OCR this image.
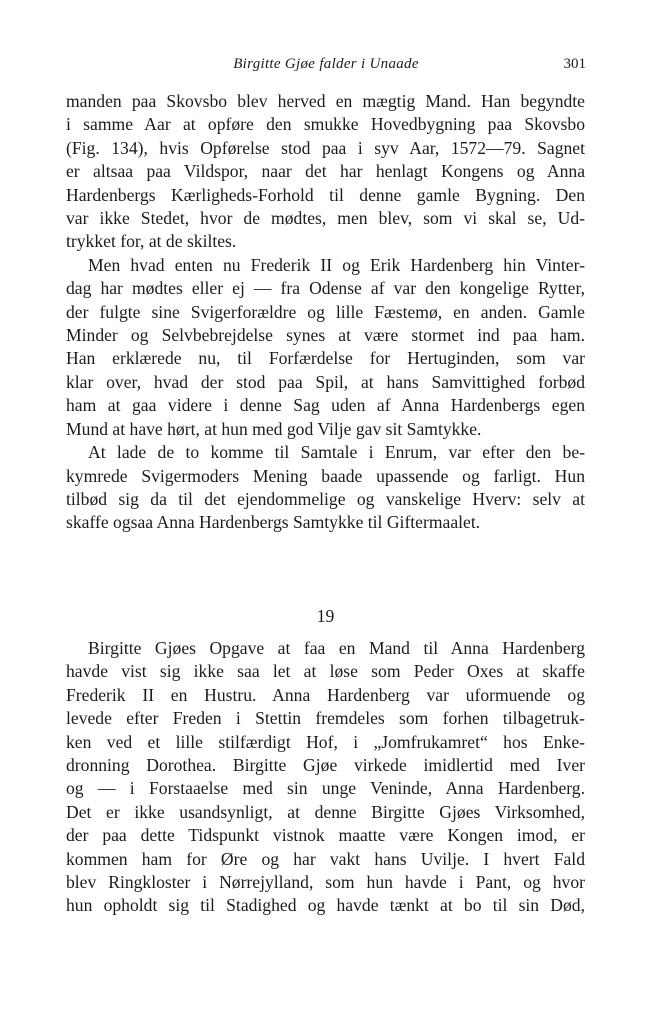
Birgitte Gjøe falder i Unaade	301
manden paa Skovsbo blev herved en mægtig Mand. Han begyndte
i samme Aar at opføre den smukke Hovedbygning paa Skovsbo
(Fig. 134), hvis Opførelse stod paa i syv Aar, 1572—79. Sagnet
er altsaa paa Vildspor, naar det har henlagt Kongens og Anna
Hardenbergs Kærligheds-Forhold til denne gamle Bygning. Den
var ikke Stedet, hvor de mødtes, men blev, som vi skal se, Ud-
trykket for, at de skiltes.
Men hvad enten nu Frederik II og Erik Hardenberg hin Vinter-
dag har mødtes eller ej — fra Odense af var den kongelige Rytter,
der fulgte sine Svigerforældre og lille Fæstemø, en anden. Gamle
Minder og Selvbebrejdelse synes at være stormet ind paa ham.
Han erklærede nu, til Forfærdelse for Hertuginden, som var
klar over, hvad der stod paa Spil, at hans Samvittighed forbød
ham at gaa videre i denne Sag uden af Anna Hardenbergs egen
Mund at have hørt, at hun med god Vilje gav sit Samtykke.
At lade de to komme til Samtale i Enrum, var efter den be-
kymrede Svigermoders Mening baade upassende og farligt. Hun
tilbød sig da til det ejendommelige og vanskelige Hverv: selv at
skaffe ogsaa Anna Hardenbergs Samtykke til Giftermaalet.
19
Birgitte Gjøes Opgave at faa en Mand til Anna Hardenberg
havde vist sig ikke saa let at løse som Peder Oxes at skaffe
Frederik II en Hustru. Anna Hardenberg var uformuende og
levede efter Freden i Stettin fremdeles som forhen tilbagetruk-
ken ved et lille stilfærdigt Hof, i „Jomfrukamret“ hos Enke-
dronning Dorothea. Birgitte Gjøe virkede imidlertid med Iver
og — i Forstaaelse med sin unge Veninde, Anna Hardenberg.
Det er ikke usandsynligt, at denne Birgitte Gjøes Virksomhed,
der paa dette Tidspunkt vistnok maatte være Kongen imod, er
kommen ham for Øre og har vakt hans Uvilje. I hvert Fald
blev Ringkloster i Nørrejylland, som hun havde i Pant, og hvor
hun opholdt sig til Stadighed og havde tænkt at bo til sin Død,
